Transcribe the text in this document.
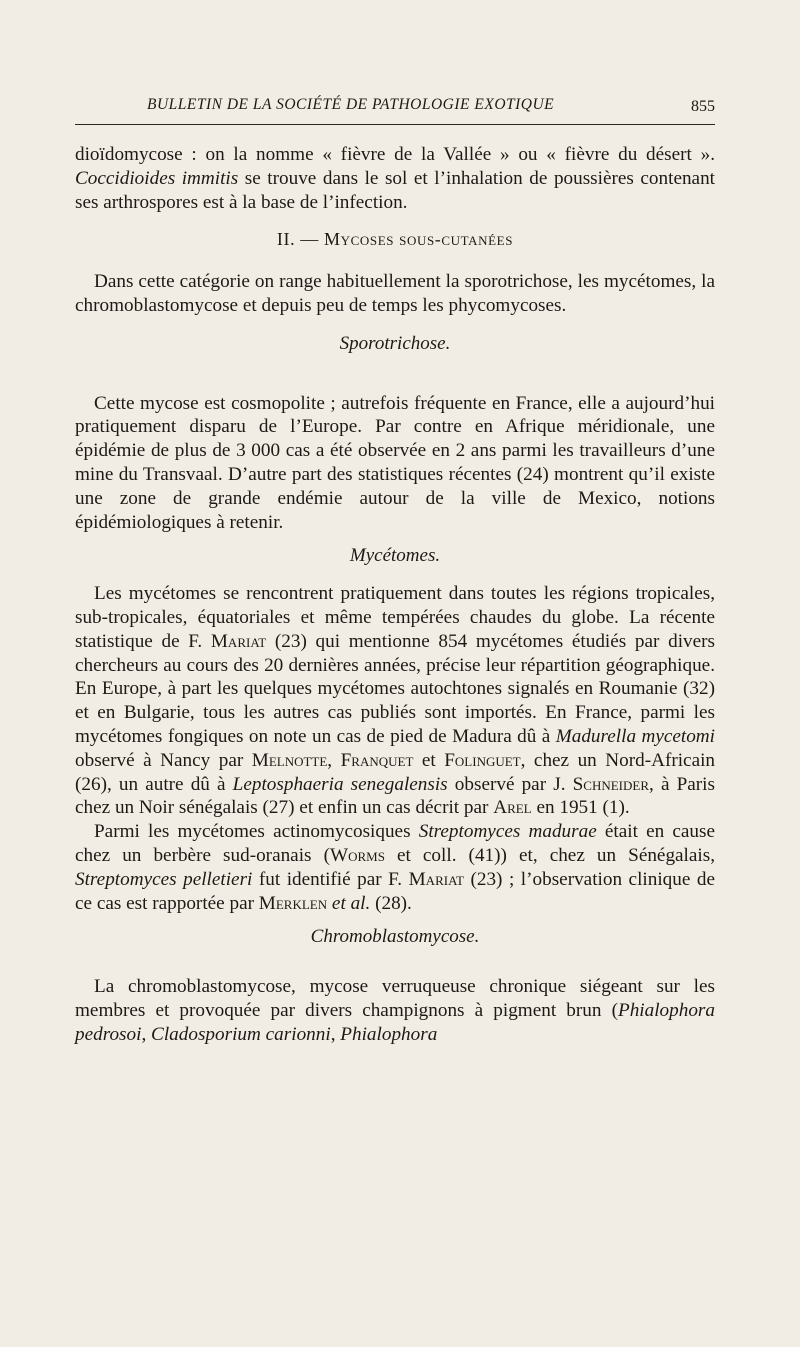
BULLETIN DE LA SOCIÉTÉ DE PATHOLOGIE EXOTIQUE	855

dioïdomycose : on la nomme « fièvre de la Vallée » ou « fièvre du désert ». Coccidioides immitis se trouve dans le sol et l’inhalation de poussières contenant ses arthrospores est à la base de l’infection.

II. — Mycoses sous-cutanées

Dans cette catégorie on range habituellement la sporotrichose, les mycétomes, la chromoblastomycose et depuis peu de temps les phycomycoses.

Sporotrichose.

Cette mycose est cosmopolite ; autrefois fréquente en France, elle a aujourd’hui pratiquement disparu de l’Europe. Par contre en Afrique méridionale, une épidémie de plus de 3 000 cas a été observée en 2 ans parmi les travailleurs d’une mine du Transvaal. D’autre part des statistiques récentes (24) montrent qu’il existe une zone de grande endémie autour de la ville de Mexico, notions épidémiologiques à retenir.

Mycétomes.

Les mycétomes se rencontrent pratiquement dans toutes les régions tropicales, sub-tropicales, équatoriales et même tempérées chaudes du globe. La récente statistique de F. Mariat (23) qui mentionne 854 mycétomes étudiés par divers chercheurs au cours des 20 dernières années, précise leur répartition géographique. En Europe, à part les quelques mycétomes autochtones signalés en Roumanie (32) et en Bulgarie, tous les autres cas publiés sont importés. En France, parmi les mycétomes fongiques on note un cas de pied de Madura dû à Madurella mycetomi observé à Nancy par Melnotte, Franquet et Folinguet, chez un Nord-Africain (26), un autre dû à Leptosphaeria senegalensis observé par J. Schneider, à Paris chez un Noir sénégalais (27) et enfin un cas décrit par Arel en 1951 (1).

Parmi les mycétomes actinomycosiques Streptomyces madurae était en cause chez un berbère sud-oranais (Worms et coll. (41)) et, chez un Sénégalais, Streptomyces pelletieri fut identifié par F. Mariat (23) ; l’observation clinique de ce cas est rapportée par Merklen et al. (28).

Chromoblastomycose.

La chromoblastomycose, mycose verruqueuse chronique siégeant sur les membres et provoquée par divers champignons à pigment brun (Phialophora pedrosoi, Cladosporium carionni, Phialophora
